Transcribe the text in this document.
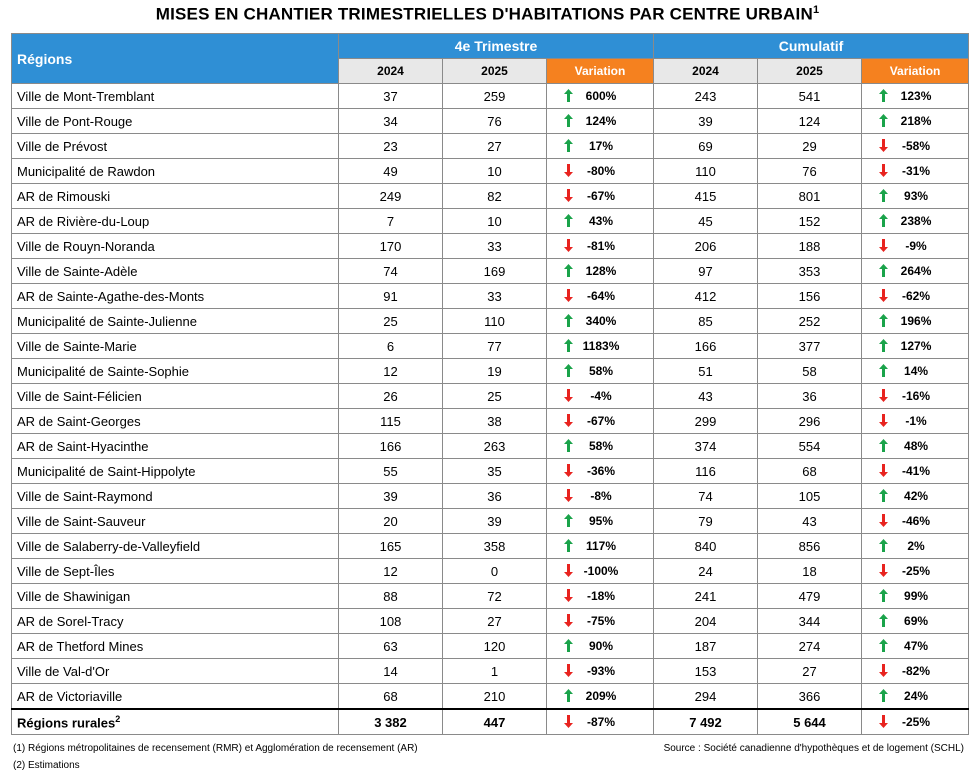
MISES EN CHANTIER TRIMESTRIELLES D'HABITATIONS PAR CENTRE URBAIN$^1$
Régions	4e Trimestre			Cumulatif		
	2024	2025	Variation	2024	2025	Variation
Ville de Mont-Tremblant	37	259	600%	243	541	123%
Ville de Pont-Rouge	34	76	124%	39	124	218%
Ville de Prévost	23	27	17%	69	29	-58%
Municipalité de Rawdon	49	10	-80%	110	76	-31%
AR de Rimouski	249	82	-67%	415	801	93%
AR de Rivière-du-Loup	7	10	43%	45	152	238%
Ville de Rouyn-Noranda	170	33	-81%	206	188	-9%
Ville de Sainte-Adèle	74	169	128%	97	353	264%
AR de Sainte-Agathe-des-Monts	91	33	-64%	412	156	-62%
Municipalité de Sainte-Julienne	25	110	340%	85	252	196%
Ville de Sainte-Marie	6	77	1183%	166	377	127%
Municipalité de Sainte-Sophie	12	19	58%	51	58	14%
Ville de Saint-Félicien	26	25	-4%	43	36	-16%
AR de Saint-Georges	115	38	-67%	299	296	-1%
AR de Saint-Hyacinthe	166	263	58%	374	554	48%
Municipalité de Saint-Hippolyte	55	35	-36%	116	68	-41%
Ville de Saint-Raymond	39	36	-8%	74	105	42%
Ville de Saint-Sauveur	20	39	95%	79	43	-46%
Ville de Salaberry-de-Valleyfield	165	358	117%	840	856	2%
Ville de Sept-Îles	12	0	-100%	24	18	-25%
Ville de Shawinigan	88	72	-18%	241	479	99%
AR de Sorel-Tracy	108	27	-75%	204	344	69%
AR de Thetford Mines	63	120	90%	187	274	47%
Ville de Val-d'Or	14	1	-93%	153	27	-82%
AR de Victoriaville	68	210	209%	294	366	24%
Régions rurales$^2$	3 382	447	-87%	7 492	5 644	-25%
(1) Régions métropolitaines de recensement (RMR) et Agglomération de recensement (AR)
(2) Estimations
Source : Société canadienne d'hypothèques et de logement (SCHL)
